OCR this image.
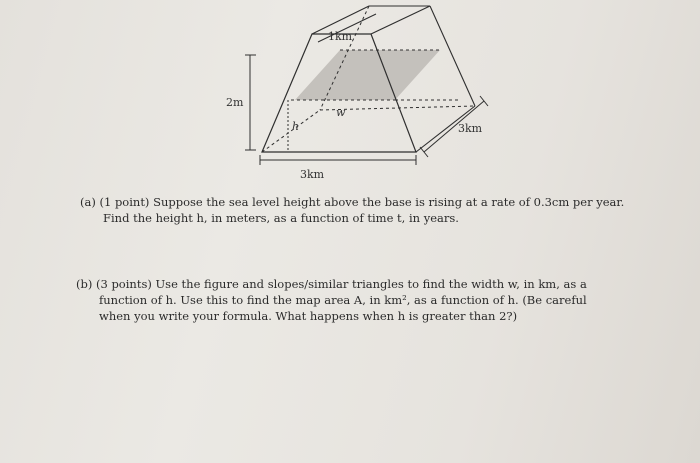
1km
2m
h
w
3km
3km
(a) (1 point) Suppose the sea level height above the base is rising at a rate of 0.3cm per year.
Find the height h, in meters, as a function of time t, in years.
(b) (3 points) Use the figure and slopes/similar triangles to find the width w, in km, as a
function of h. Use this to find the map area A, in km², as a function of h. (Be careful
when you write your formula. What happens when h is greater than 2?)
